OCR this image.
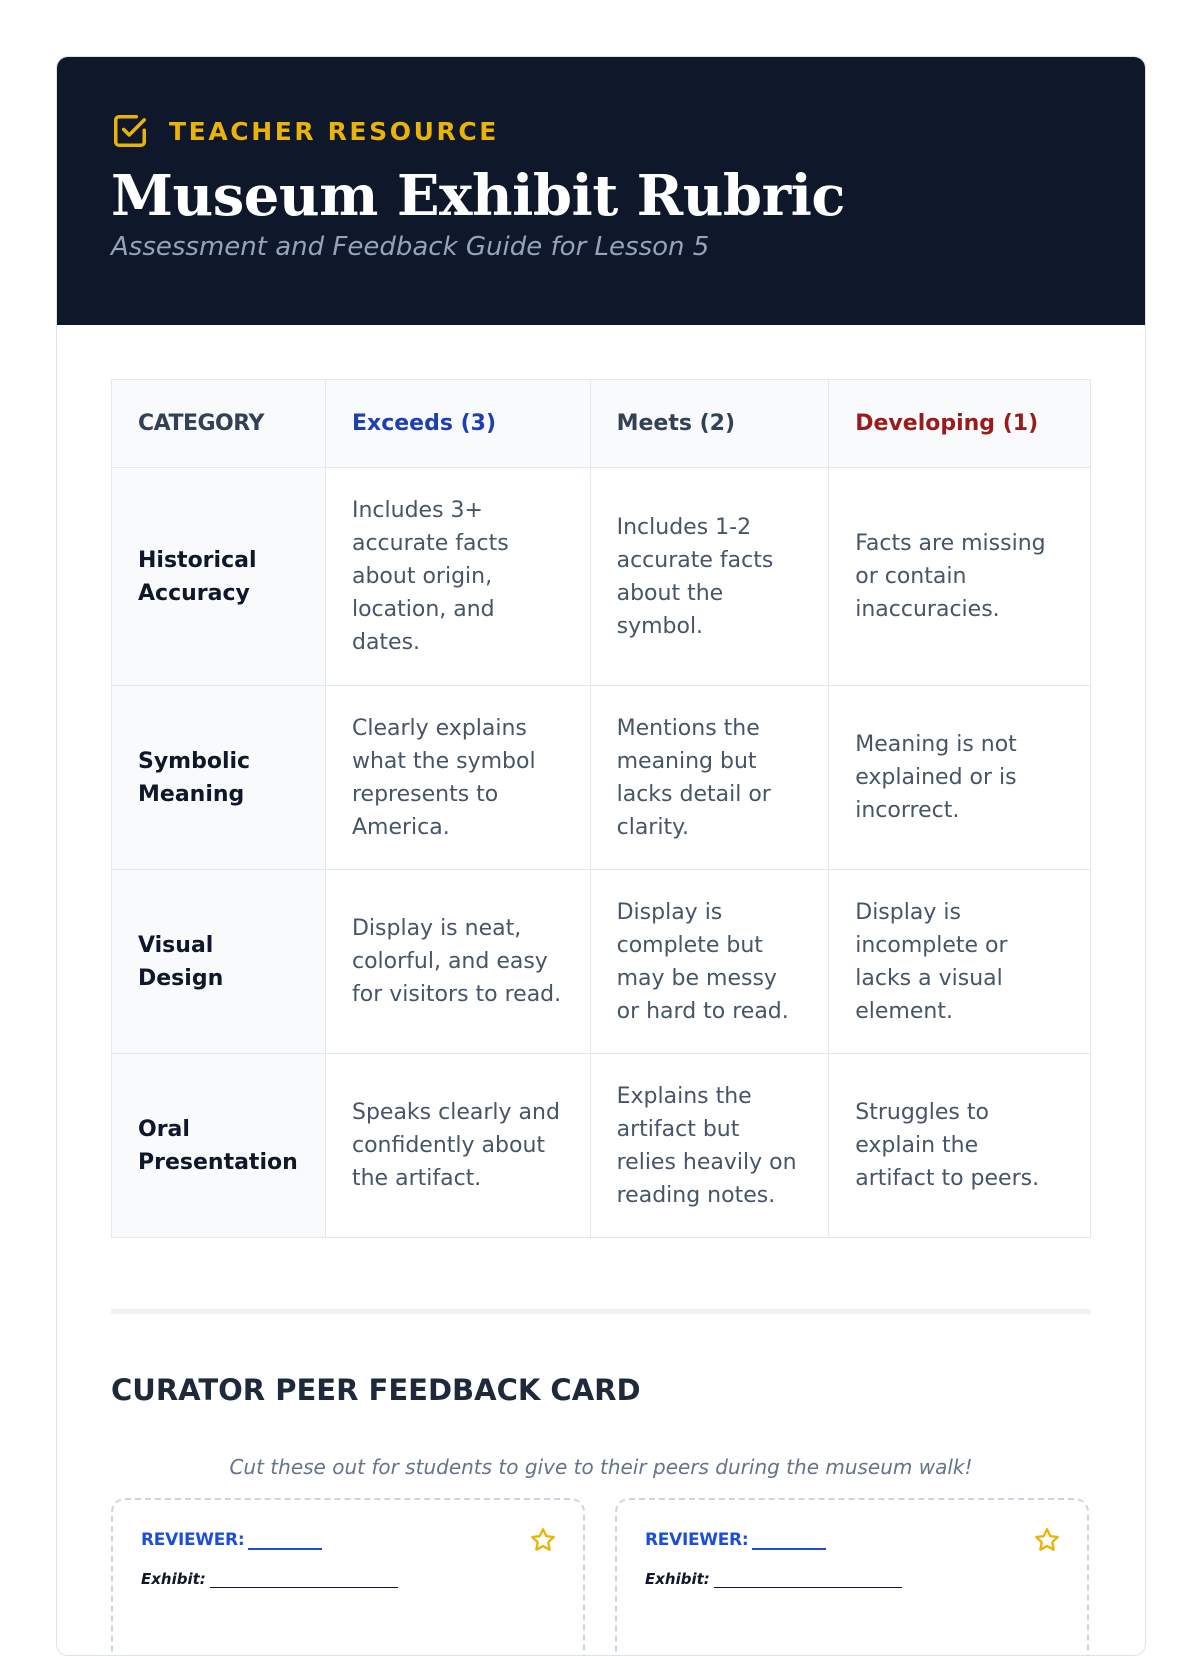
TEACHER RESOURCE
Museum Exhibit Rubric
Assessment and Feedback Guide for Lesson 5
CATEGORY	Exceeds (3)	Meets (2)	Developing (1)
Historical Accuracy	Includes 3+ accurate facts about origin, location, and dates.	Includes 1-2 accurate facts about the symbol.	Facts are missing or contain inaccuracies.
Symbolic Meaning	Clearly explains what the symbol represents to America.	Mentions the meaning but lacks detail or clarity.	Meaning is not explained or is incorrect.
Visual Design	Display is neat, colorful, and easy for visitors to read.	Display is complete but may be messy or hard to read.	Display is incomplete or lacks a visual element.
Oral Presentation	Speaks clearly and confidently about the artifact.	Explains the artifact but relies heavily on reading notes.	Struggles to explain the artifact to peers.
CURATOR PEER FEEDBACK CARD
Cut these out for students to give to their peers during the museum walk!
REVIEWER:
Exhibit:
REVIEWER:
Exhibit:
